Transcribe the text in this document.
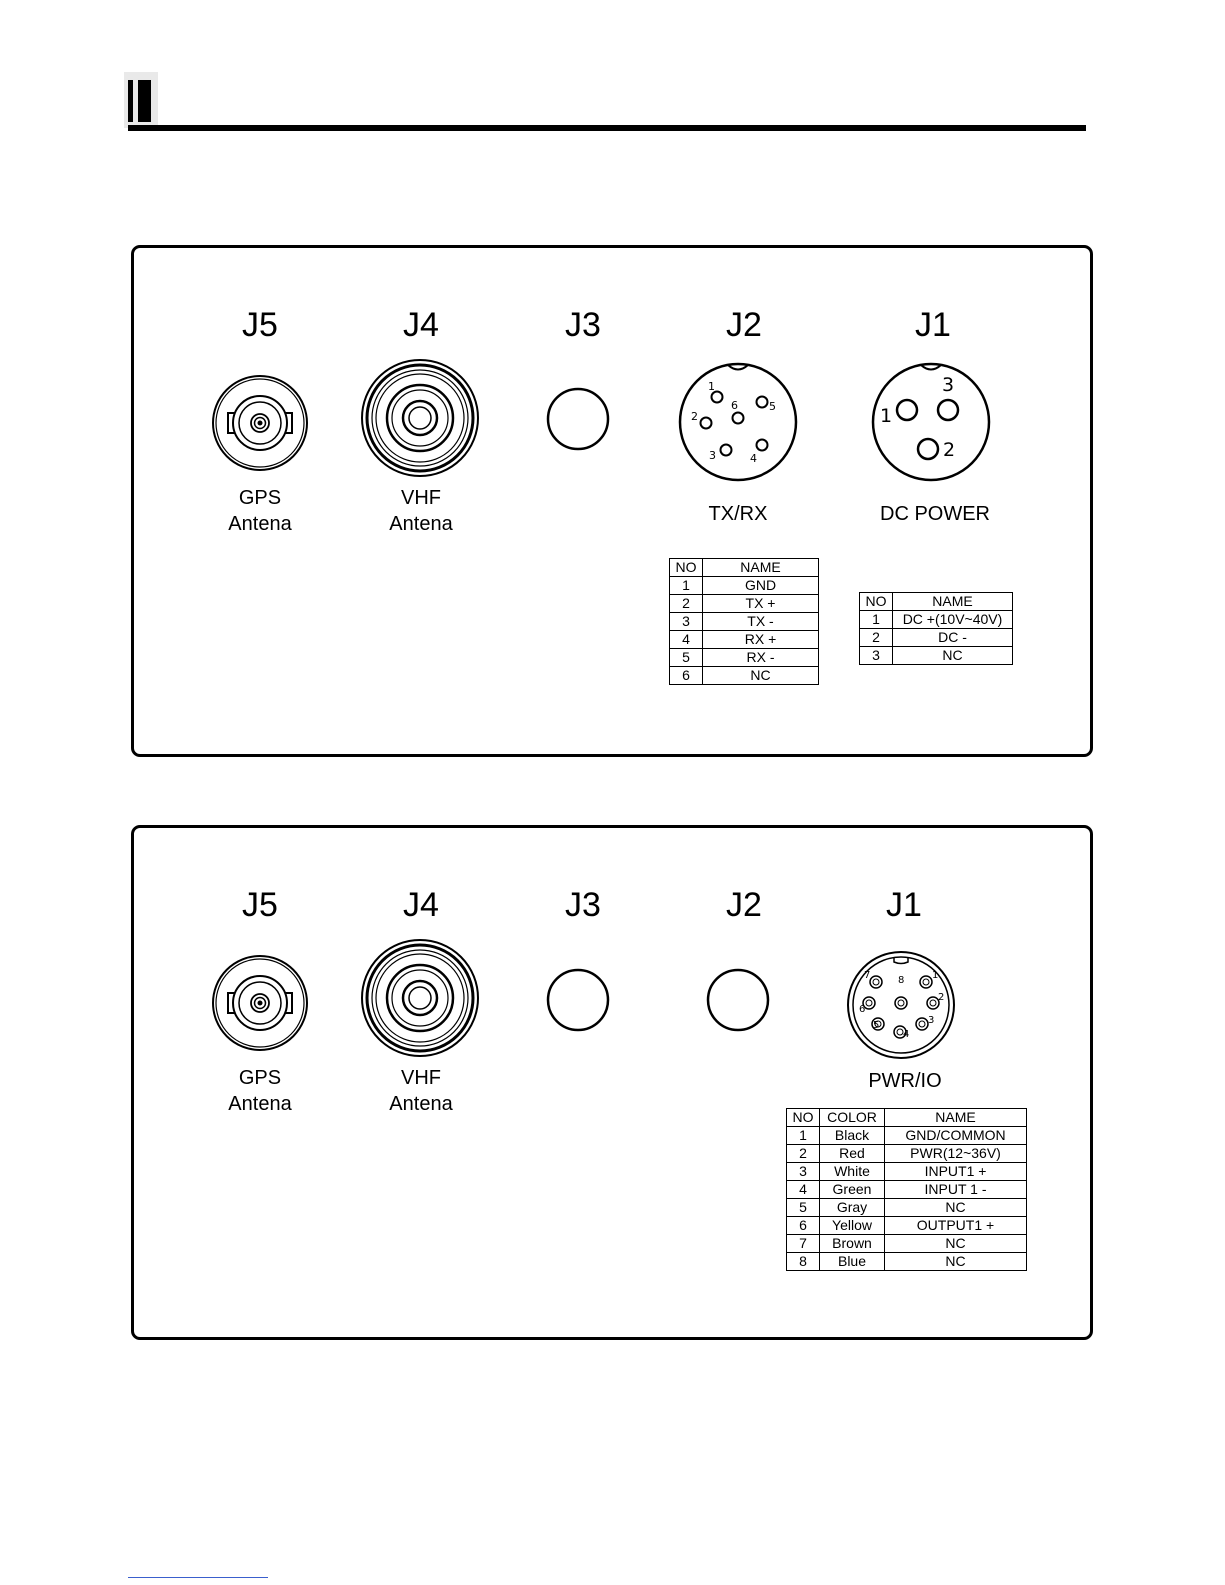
J5	J4	J3	J2	J1
GPS
Antena
VHF
Antena
1
2
3	4
5
6
TX/RX
1
3
2
DC POWER
NO	NAME
1	GND
2	TX +
3	TX -
4	RX +
5	RX -
6	NC
NO	NAME
1	DC +(10V~40V)
2	DC -
3	NC
J5	J4	J3	J2	J1
GPS
Antena
VHF
Antena
1
2
3
4
5
6
7	8
PWR/IO
NO	COLOR	NAME
1	Black	GND/COMMON
2	Red	PWR(12~36V)
3	White	INPUT1 +
4	Green	INPUT 1 -
5	Gray	NC
6	Yellow	OUTPUT1 +
7	Brown	NC
8	Blue	NC
